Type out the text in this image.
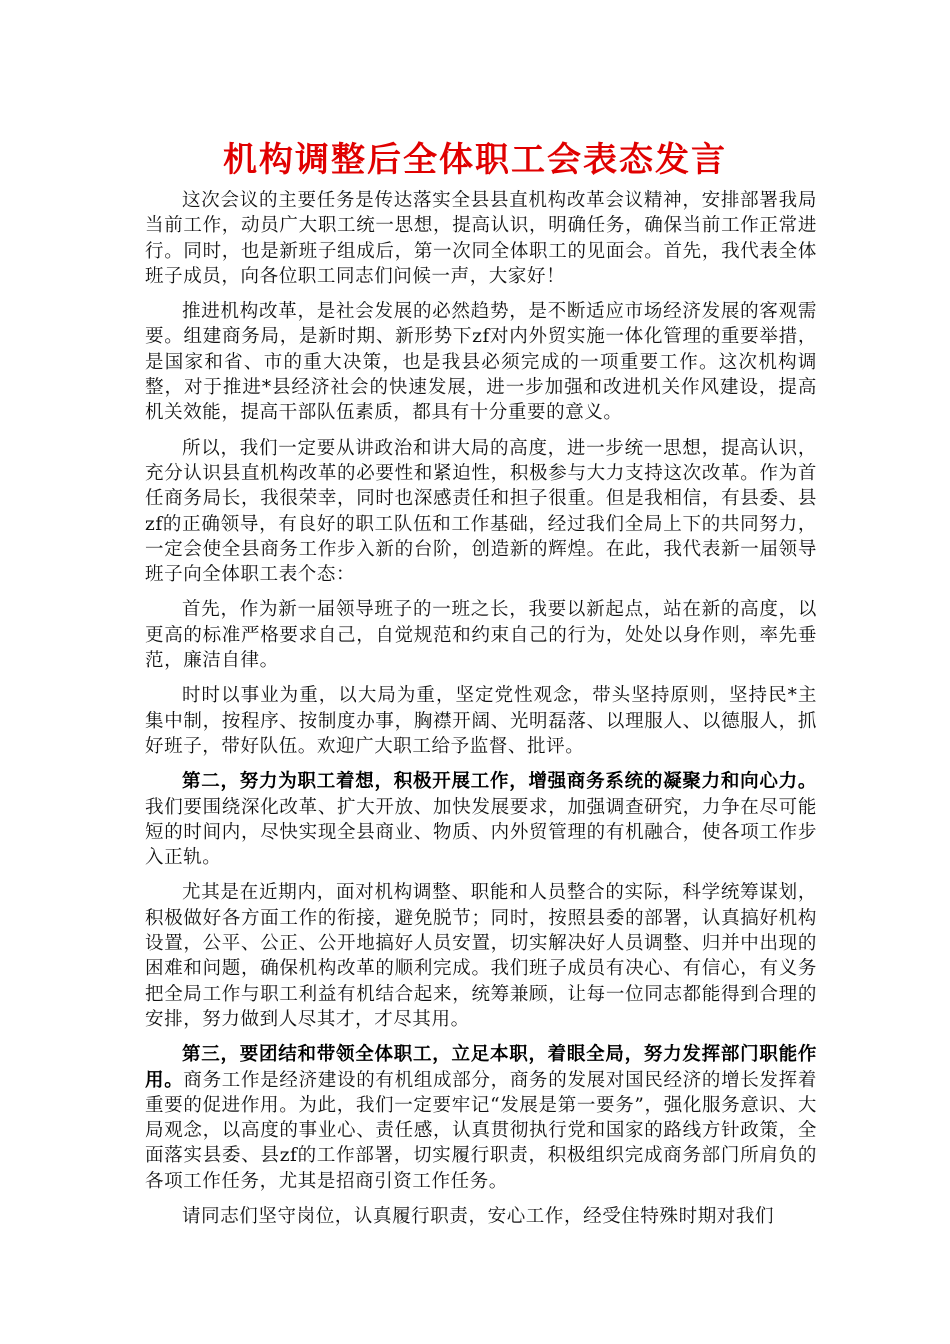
机构调整后全体职工会表态发言

这次会议的主要任务是传达落实全县县直机构改革会议精神，安排部署我局当前工作，动员广大职工统一思想，提高认识，明确任务，确保当前工作正常进行。同时，也是新班子组成后，第一次同全体职工的见面会。首先，我代表全体班子成员，向各位职工同志们问候一声，大家好！

推进机构改革，是社会发展的必然趋势，是不断适应市场经济发展的客观需要。组建商务局，是新时期、新形势下zf对内外贸实施一体化管理的重要举措，是国家和省、市的重大决策，也是我县必须完成的一项重要工作。这次机构调整，对于推进*县经济社会的快速发展，进一步加强和改进机关作风建设，提高机关效能，提高干部队伍素质，都具有十分重要的意义。

所以，我们一定要从讲政治和讲大局的高度，进一步统一思想，提高认识，充分认识县直机构改革的必要性和紧迫性，积极参与大力支持这次改革。作为首任商务局长，我很荣幸，同时也深感责任和担子很重。但是我相信，有县委、县zf的正确领导，有良好的职工队伍和工作基础，经过我们全局上下的共同努力，一定会使全县商务工作步入新的台阶，创造新的辉煌。在此，我代表新一届领导班子向全体职工表个态：

首先，作为新一届领导班子的一班之长，我要以新起点，站在新的高度，以更高的标准严格要求自己，自觉规范和约束自己的行为，处处以身作则，率先垂范，廉洁自律。

时时以事业为重，以大局为重，坚定党性观念，带头坚持原则，坚持民*主集中制，按程序、按制度办事，胸襟开阔、光明磊落、以理服人、以德服人，抓好班子，带好队伍。欢迎广大职工给予监督、批评。

第二，努力为职工着想，积极开展工作，增强商务系统的凝聚力和向心力。我们要围绕深化改革、扩大开放、加快发展要求，加强调查研究，力争在尽可能短的时间内，尽快实现全县商业、物质、内外贸管理的有机融合，使各项工作步入正轨。

尤其是在近期内，面对机构调整、职能和人员整合的实际，科学统筹谋划，积极做好各方面工作的衔接，避免脱节；同时，按照县委的部署，认真搞好机构设置，公平、公正、公开地搞好人员安置，切实解决好人员调整、归并中出现的困难和问题，确保机构改革的顺利完成。我们班子成员有决心、有信心，有义务把全局工作与职工利益有机结合起来，统筹兼顾，让每一位同志都能得到合理的安排，努力做到人尽其才，才尽其用。

第三，要团结和带领全体职工，立足本职，着眼全局，努力发挥部门职能作用。商务工作是经济建设的有机组成部分，商务的发展对国民经济的增长发挥着重要的促进作用。为此，我们一定要牢记“发展是第一要务”，强化服务意识、大局观念，以高度的事业心、责任感，认真贯彻执行党和国家的路线方针政策，全面落实县委、县zf的工作部署，切实履行职责，积极组织完成商务部门所肩负的各项工作任务，尤其是招商引资工作任务。

请同志们坚守岗位，认真履行职责，安心工作，经受住特殊时期对我们
